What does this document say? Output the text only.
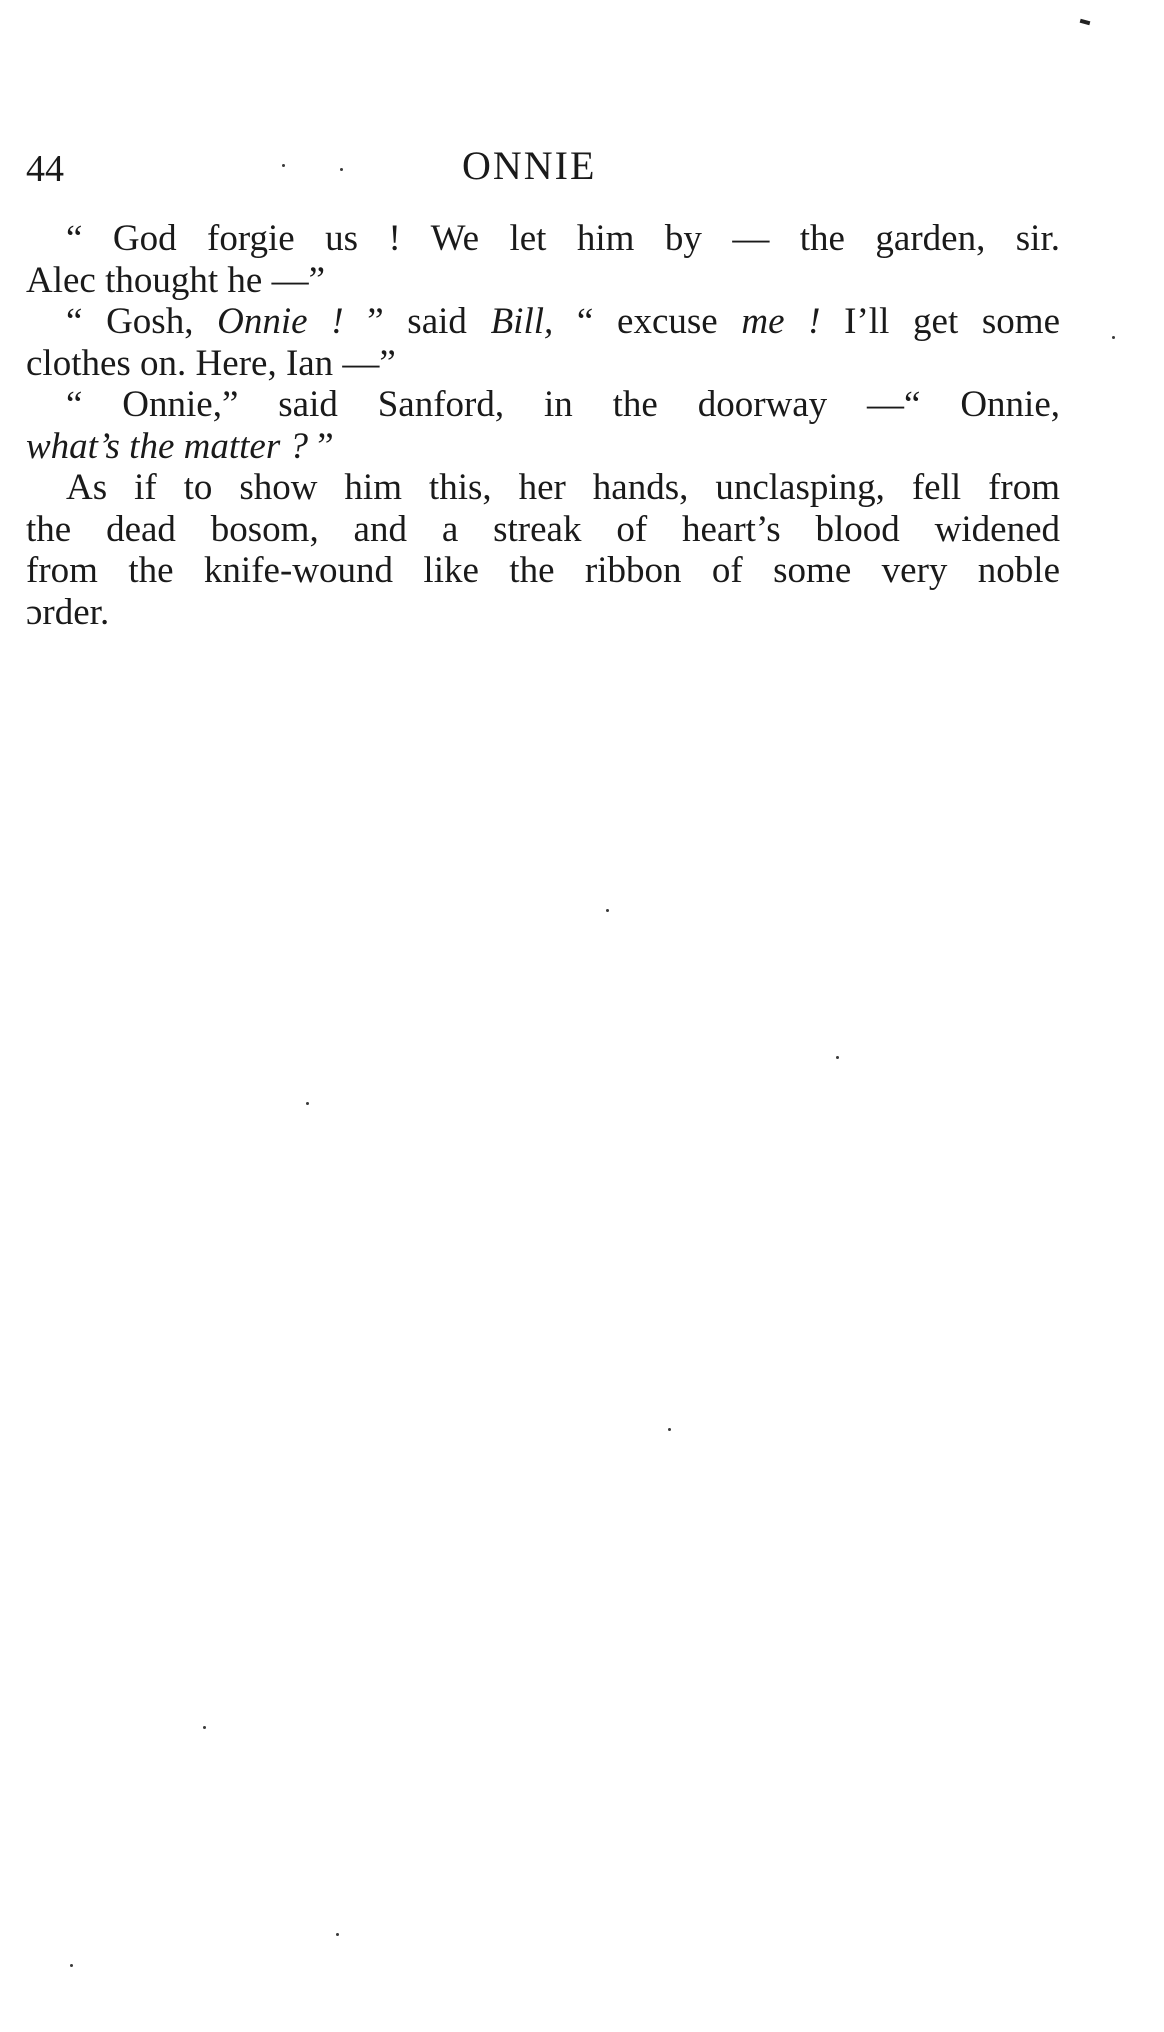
44	ONNIE

“ God forgie us ! We let him by — the garden, sir.
Alec thought he —”

“ Gosh, Onnie ! ” said Bill, “ excuse me ! I’ll get some
clothes on. Here, Ian —”

“ Onnie,” said Sanford, in the doorway —“ Onnie,
what’s the matter ? ”

As if to show him this, her hands, unclasping, fell from
the dead bosom, and a streak of heart’s blood widened
from the knife-wound like the ribbon of some very noble
ɔrder.
